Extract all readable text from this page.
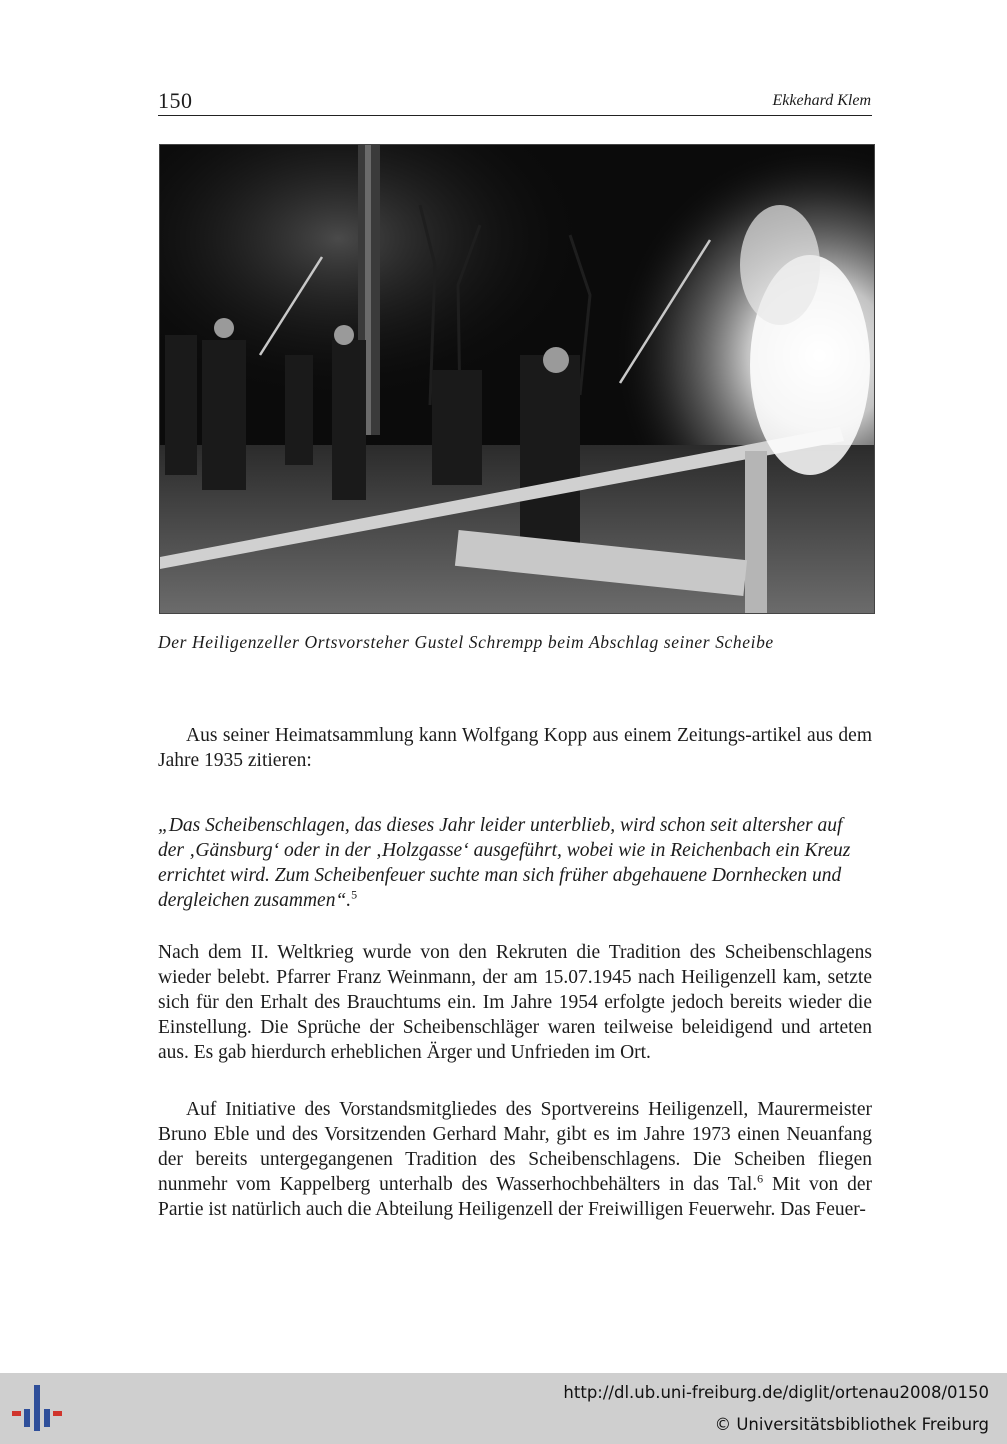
150	Ekkehard Klem
Der Heiligenzeller Ortsvorsteher Gustel Schrempp beim Abschlag seiner Scheibe

Aus seiner Heimatsammlung kann Wolfgang Kopp aus einem Zeitungs-artikel aus dem Jahre 1935 zitieren:

„Das Scheibenschlagen, das dieses Jahr leider unterblieb, wird schon seit altersher auf der ‚Gänsburg‘ oder in der ‚Holzgasse‘ ausgeführt, wobei wie in Reichenbach ein Kreuz errichtet wird. Zum Scheibenfeuer suchte man sich früher abgehauene Dornhecken und dergleichen zusammen“.$^5$

Nach dem II. Weltkrieg wurde von den Rekruten die Tradition des Scheibenschlagens wieder belebt. Pfarrer Franz Weinmann, der am 15.07.1945 nach Heiligenzell kam, setzte sich für den Erhalt des Brauchtums ein. Im Jahre 1954 erfolgte jedoch bereits wieder die Einstellung. Die Sprüche der Scheibenschläger waren teilweise beleidigend und arteten aus. Es gab hierdurch erheblichen Ärger und Unfrieden im Ort.

Auf Initiative des Vorstandsmitgliedes des Sportvereins Heiligenzell, Maurermeister Bruno Eble und des Vorsitzenden Gerhard Mahr, gibt es im Jahre 1973 einen Neuanfang der bereits untergegangenen Tradition des Scheibenschlagens. Die Scheiben fliegen nunmehr vom Kappelberg unterhalb des Wasserhochbehälters in das Tal.$^6$ Mit von der Partie ist natürlich auch die Abteilung Heiligenzell der Freiwilligen Feuerwehr. Das Feuer-

http://dl.ub.uni-freiburg.de/diglit/ortenau2008/0150
© Universitätsbibliothek Freiburg
